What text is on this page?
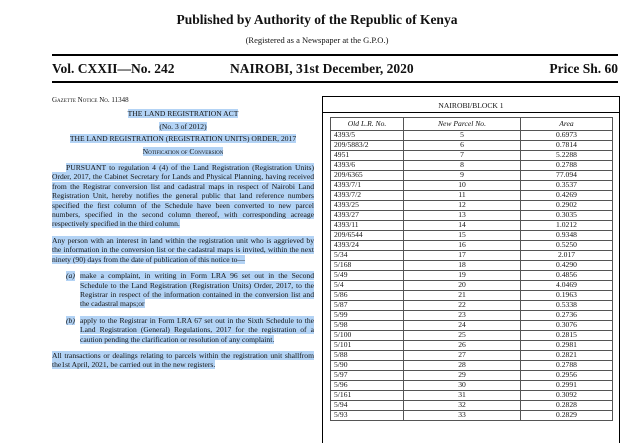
Published by Authority of the Republic of Kenya
(Registered as a Newspaper at the G.P.O.)
Vol. CXXII—No. 242	NAIROBI, 31st December, 2020	Price Sh. 60
Gazette Notice No. 11348
THE LAND REGISTRATION ACT
(No. 3 of 2012)
THE LAND REGISTRATION (REGISTRATION UNITS) ORDER, 2017
Notification of Conversion

PURSUANT to regulation 4 (4) of the Land Registration (Registration Units) Order, 2017, the Cabinet Secretary for Lands and Physical Planning, having received from the Registrar conversion list and cadastral maps in respect of Nairobi Land Registration Unit, hereby notifies the general public that land reference numbers specified the first column of the Schedule have been converted to new parcel numbers, specified in the second column thereof, with corresponding acreage respectively specified in the third column.

Any person with an interest in land within the registration unit who is aggrieved by the information in the conversion list or the cadastral maps is invited, within the next ninety (90) days from the date of publication of this notice to—

(a) make a complaint, in writing in Form LRA 96 set out in the Second Schedule to the Land Registration (Registration Units) Order, 2017, to the Registrar in respect of the information contained in the conversion list and the cadastral maps;or
(b) apply to the Registrar in Form LRA 67 set out in the Sixth Schedule to the Land Registration (General) Regulations, 2017 for the registration of a caution pending the clarification or resolution of any complaint.

All transactions or dealings relating to parcels within the registration unit shallfrom the1st April, 2021, be carried out in the new registers.

NAIROBI/BLOCK 1
Old L.R. No.	New Parcel No.	Area
4393/5	5	0.6973
209/5883/2	6	0.7814
4951	7	5.2288
4393/6	8	0.2788
209/6365	9	77.094
4393/7/1	10	0.3537
4393/7/2	11	0.4269
4393/25	12	0.2902
4393/27	13	0.3035
4393/11	14	1.0212
209/6544	15	0.9348
4393/24	16	0.5250
5/34	17	2.017
5/168	18	0.4290
5/49	19	0.4856
5/4	20	4.0469
5/86	21	0.1963
5/87	22	0.5338
5/99	23	0.2736
5/98	24	0.3076
5/100	25	0.2815
5/101	26	0.2981
5/88	27	0.2821
5/90	28	0.2788
5/97	29	0.2956
5/96	30	0.2991
5/161	31	0.3092
5/94	32	0.2828
5/93	33	0.2829
